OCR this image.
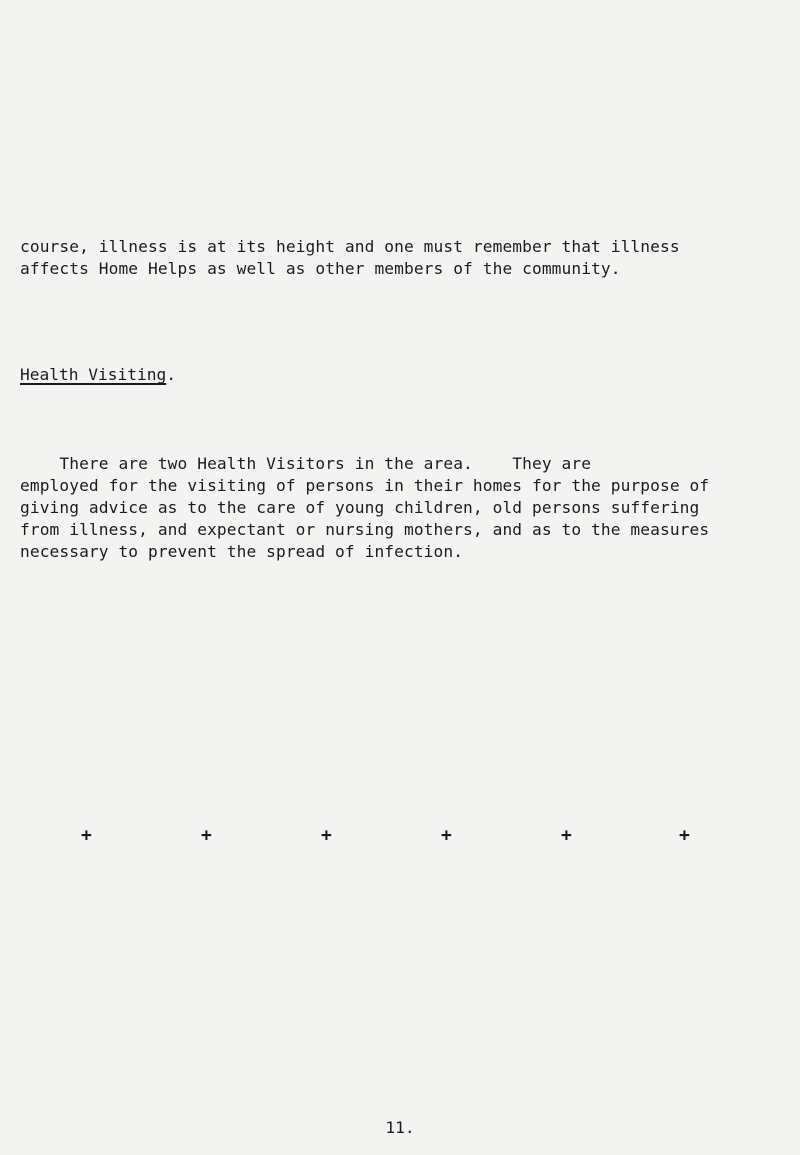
course, illness is at its height and one must remember that illness
affects Home Helps as well as other members of the community.

Health Visiting.

There are two Health Visitors in the area.    They are
employed for the visiting of persons in their homes for the purpose of
giving advice as to the care of young children, old persons suffering
from illness, and expectant or nursing mothers, and as to the measures
necessary to prevent the spread of infection.

+	+	+	+	+	+
11.
